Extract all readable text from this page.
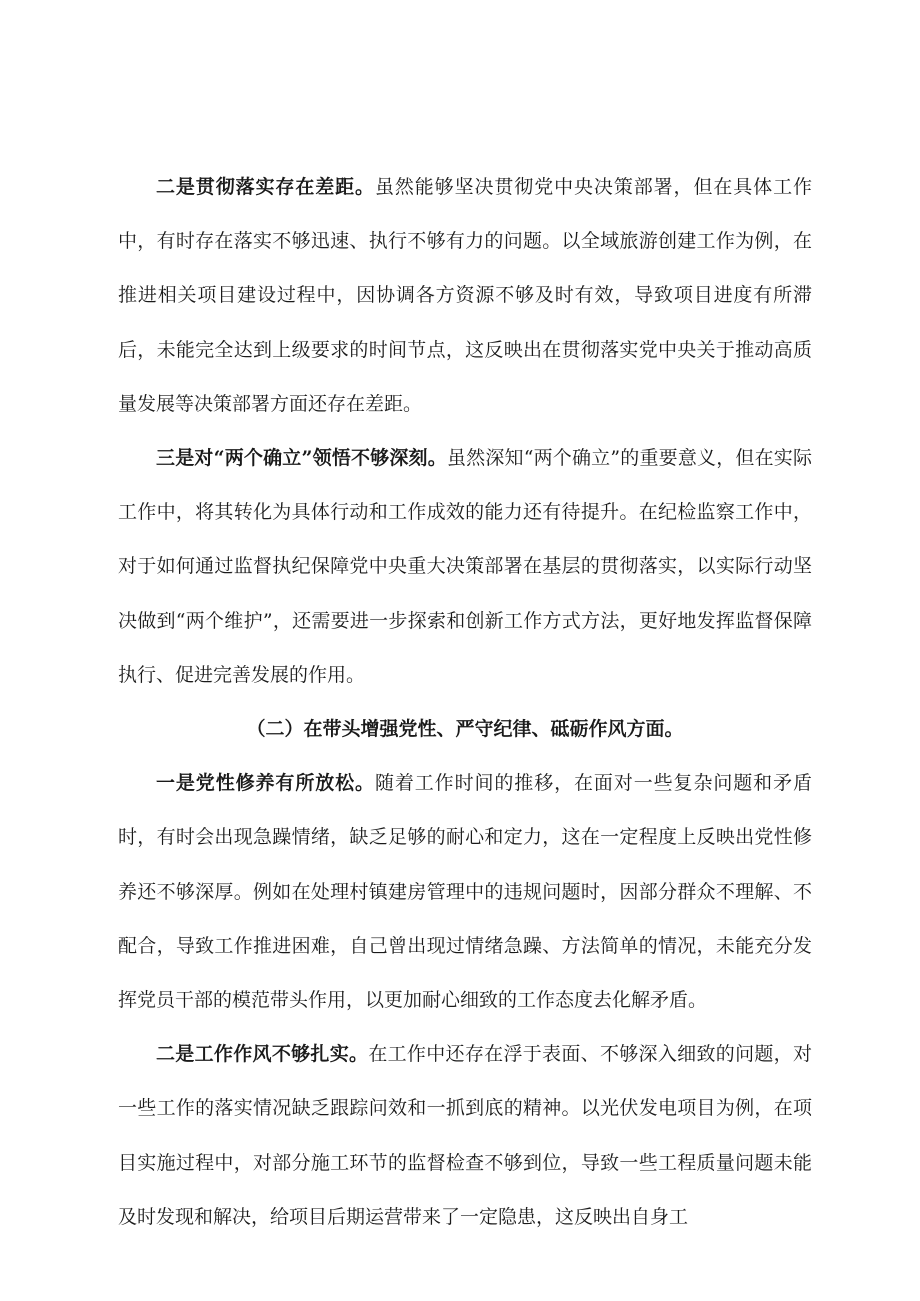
二是贯彻落实存在差距。虽然能够坚决贯彻党中央决策部署，但在具体工作中，有时存在落实不够迅速、执行不够有力的问题。以全域旅游创建工作为例，在推进相关项目建设过程中，因协调各方资源不够及时有效，导致项目进度有所滞后，未能完全达到上级要求的时间节点，这反映出在贯彻落实党中央关于推动高质量发展等决策部署方面还存在差距。

三是对“两个确立”领悟不够深刻。虽然深知“两个确立”的重要意义，但在实际工作中，将其转化为具体行动和工作成效的能力还有待提升。在纪检监察工作中，对于如何通过监督执纪保障党中央重大决策部署在基层的贯彻落实，以实际行动坚决做到“两个维护”，还需要进一步探索和创新工作方式方法，更好地发挥监督保障执行、促进完善发展的作用。

（二）在带头增强党性、严守纪律、砥砺作风方面。

一是党性修养有所放松。随着工作时间的推移，在面对一些复杂问题和矛盾时，有时会出现急躁情绪，缺乏足够的耐心和定力，这在一定程度上反映出党性修养还不够深厚。例如在处理村镇建房管理中的违规问题时，因部分群众不理解、不配合，导致工作推进困难，自己曾出现过情绪急躁、方法简单的情况，未能充分发挥党员干部的模范带头作用，以更加耐心细致的工作态度去化解矛盾。

二是工作作风不够扎实。在工作中还存在浮于表面、不够深入细致的问题，对一些工作的落实情况缺乏跟踪问效和一抓到底的精神。以光伏发电项目为例，在项目实施过程中，对部分施工环节的监督检查不够到位，导致一些工程质量问题未能及时发现和解决，给项目后期运营带来了一定隐患，这反映出自身工
